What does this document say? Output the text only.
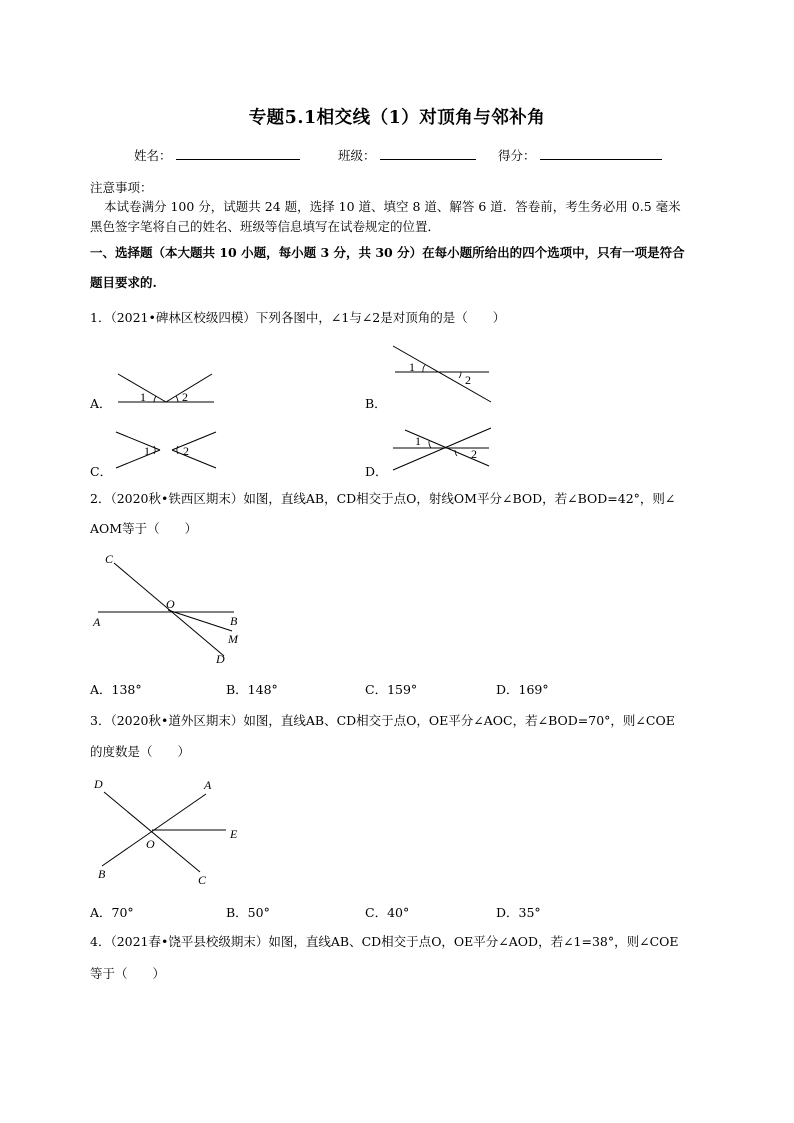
专题5.1相交线（1）对顶角与邻补角
姓名：	班级：	得分：
注意事项：
本试卷满分 100 分，试题共 24 题，选择 10 道、填空 8 道、解答 6 道．答卷前，考生务必用 0.5 毫米
黑色签字笔将自己的姓名、班级等信息填写在试卷规定的位置．
一、选择题（本大题共 10 小题，每小题 3 分，共 30 分）在每小题所给出的四个选项中，只有一项是符合
题目要求的.
1．（2021•碑林区校级四模）下列各图中，∠1与∠2是对顶角的是（　　）
A． 1	2	B．
1
2
C．
1	2
D．
1
2
2．（2020秋•铁西区期末）如图，直线AB，CD相交于点O，射线OM平分∠BOD，若∠BOD=42°，则∠
AOM等于（　　）
C
O
A	B
M
D
A．138°	B．148°	C．159°	D．169°
3．（2020秋•道外区期末）如图，直线AB、CD相交于点O，OE平分∠AOC，若∠BOD=70°，则∠COE
的度数是（　　）
D	A
E
O
B	C
A．70°	B．50°	C．40°	D．35°
4．（2021春•饶平县校级期末）如图，直线AB、CD相交于点O，OE平分∠AOD，若∠1=38°，则∠COE
等于（　　）
